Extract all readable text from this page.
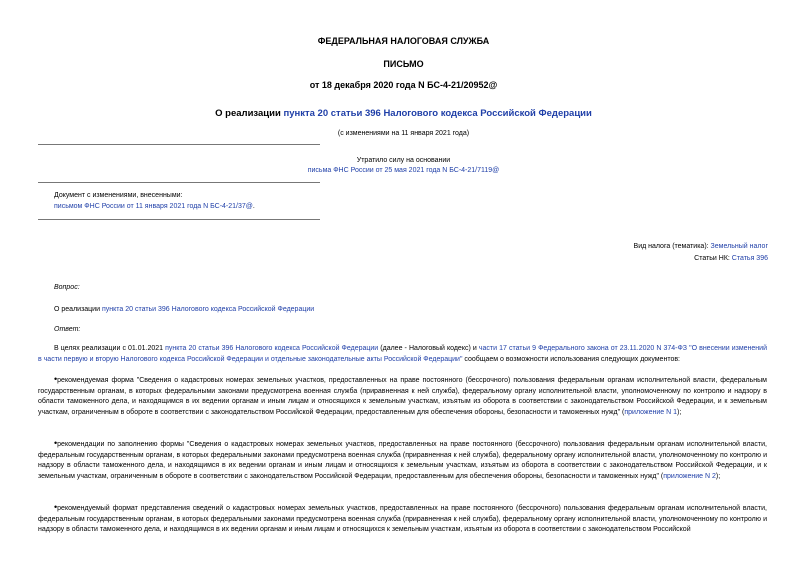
ФЕДЕРАЛЬНАЯ НАЛОГОВАЯ СЛУЖБА
ПИСЬМО
от 18 декабря 2020 года N БС-4-21/20952@
О реализации пункта 20 статьи 396 Налогового кодекса Российской Федерации
(с изменениями на 11 января 2021 года)
Утратило силу на основании
письма ФНС России от 25 мая 2021 года N БС-4-21/7119@
Документ с изменениями, внесенными:
письмом ФНС России от 11 января 2021 года N БС-4-21/37@.
Вид налога (тематика): Земельный налог
Статьи НК: Статья 396
Вопрос:
О реализации пункта 20 статьи 396 Налогового кодекса Российской Федерации
Ответ:
В целях реализации с 01.01.2021 пункта 20 статьи 396 Налогового кодекса Российской Федерации (далее - Налоговый кодекс) и части 17 статьи 9 Федерального закона от 23.11.2020 N 374-ФЗ "О внесении изменений в части первую и вторую Налогового кодекса Российской Федерации и отдельные законодательные акты Российской Федерации" сообщаем о возможности использования следующих документов:
•рекомендуемая форма "Сведения о кадастровых номерах земельных участков, предоставленных на праве постоянного (бессрочного) пользования федеральным органам исполнительной власти, федеральным государственным органам, в которых федеральными законами предусмотрена военная служба (приравненная к ней служба), федеральному органу исполнительной власти, уполномоченному по контролю и надзору в области таможенного дела, и находящимся в их ведении органам и иным лицам и относящихся к земельным участкам, изъятым из оборота в соответствии с законодательством Российской Федерации, и к земельным участкам, ограниченным в обороте в соответствии с законодательством Российской Федерации, предоставленным для обеспечения обороны, безопасности и таможенных нужд" (приложение N 1);
•рекомендации по заполнению формы "Сведения о кадастровых номерах земельных участков, предоставленных на праве постоянного (бессрочного) пользования федеральным органам исполнительной власти, федеральным государственным органам, в которых федеральными законами предусмотрена военная служба (приравненная к ней служба), федеральному органу исполнительной власти, уполномоченному по контролю и надзору в области таможенного дела, и находящимся в их ведении органам и иным лицам и относящихся к земельным участкам, изъятым из оборота в соответствии с законодательством Российской Федерации, и к земельным участкам, ограниченным в обороте в соответствии с законодательством Российской Федерации, предоставленным для обеспечения обороны, безопасности и таможенных нужд" (приложение N 2);
•рекомендуемый формат представления сведений о кадастровых номерах земельных участков, предоставленных на праве постоянного (бессрочного) пользования федеральным органам исполнительной власти, федеральным государственным органам, в которых федеральными законами предусмотрена военная служба (приравненная к ней служба), федеральному органу исполнительной власти, уполномоченному по контролю и надзору в области таможенного дела, и находящимся в их ведении органам и иным лицам и относящихся к земельным участкам, изъятым из оборота в соответствии с законодательством Российской
